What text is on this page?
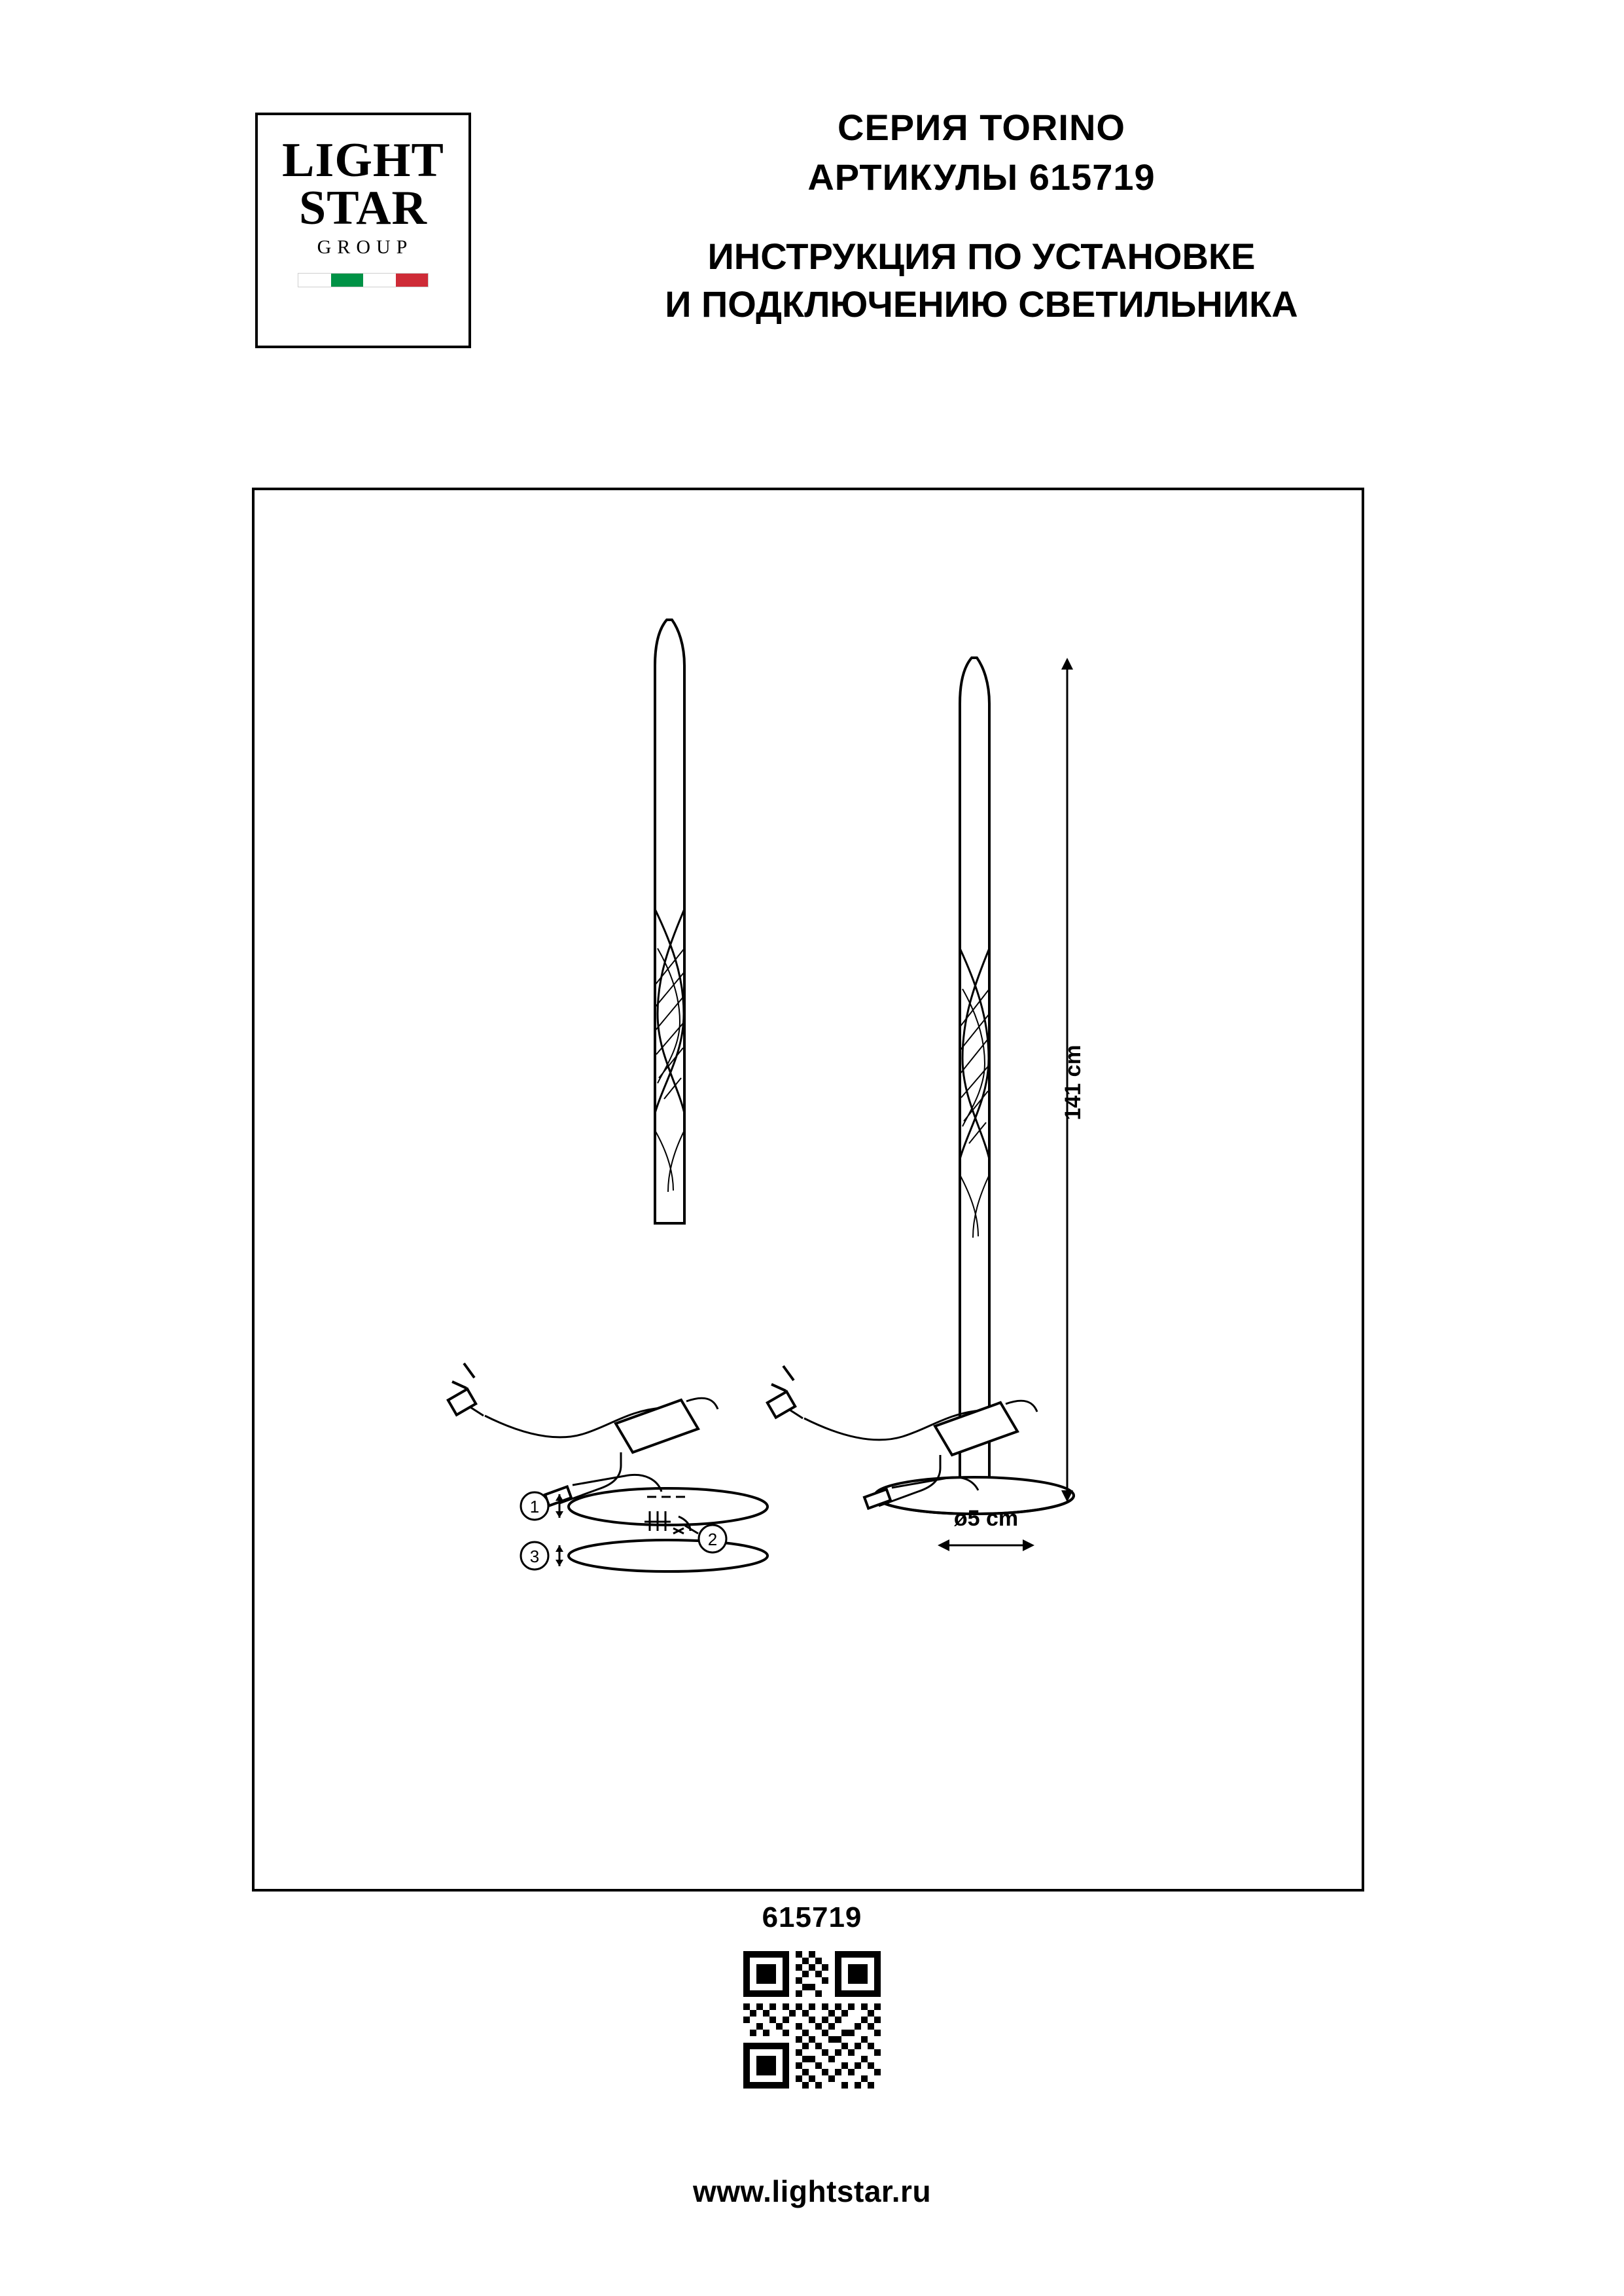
LIGHT
STAR
GROUP
СЕРИЯ TORINO
АРТИКУЛЫ 615719
ИНСТРУКЦИЯ ПО УСТАНОВКЕ
И ПОДКЛЮЧЕНИЮ СВЕТИЛЬНИКА
1
2
3
141 cm
ø5 cm
615719
www.lightstar.ru
